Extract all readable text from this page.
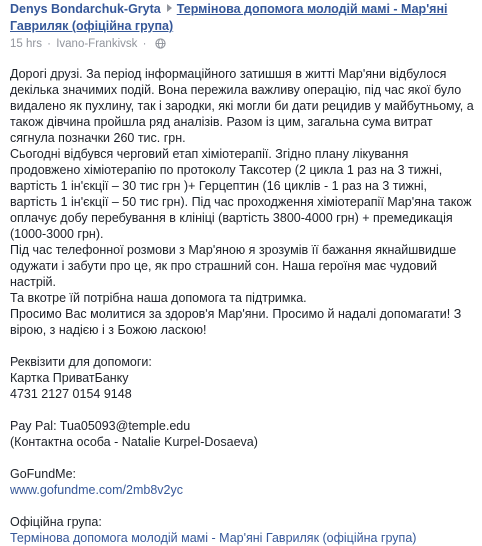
Denys Bondarchuk-Gryta Термінова допомога молодій мамі - Мар'яні Гавриляк (офіційна група)
15 hrs · Ivano-Frankivsk ·

Дорогі друзі. За період інформаційного затишшя в житті Мар'яни відбулося декілька значимих подій. Вона пережила важливу операцію, під час якої було видалено як пухлину, так і зародки, які могли би дати рецидив у майбутньому, а також дівчина пройшла ряд аналізів. Разом із цим, загальна сума витрат сягнула позначки 260 тис. грн.

Сьогодні відбувся черговий етап хіміотерапії. Згідно плану лікування продовжено хіміотерапію по протоколу Таксотер (2 цикла 1 раз на 3 тижні, вартість 1 ін'єкції – 30 тис грн )+ Герцептин (16 циклів - 1 раз на 3 тижні, вартість 1 ін'єкції – 50 тис грн). Під час проходження хіміотерапії Мар'яна також оплачує добу перебування в клініці (вартість 3800-4000 грн) + премедикація (1000-3000 грн).

Під час телефонної розмови з Мар'яною я зрозумів її бажання якнайшвидше одужати і забути про це, як про страшний сон. Наша героїня має чудовий настрій.

Та вкотре їй потрібна наша допомога та підтримка.

Просимо Вас молитися за здоров'я Мар'яни. Просимо й надалі допомагати! З вірою, з надією і з Божою ласкою!

Реквізити для допомоги:
Картка ПриватБанку
4731 2127 0154 9148
Pay Pal: Tua05093@temple.edu
(Контактна особа - Natalie Kurpel-Dosaeva)
GoFundMe:
www.gofundme.com/2mb8v2yc
Офіційна група:
Термінова допомога молодій мамі - Мар'яні Гавриляк (офіційна група)
